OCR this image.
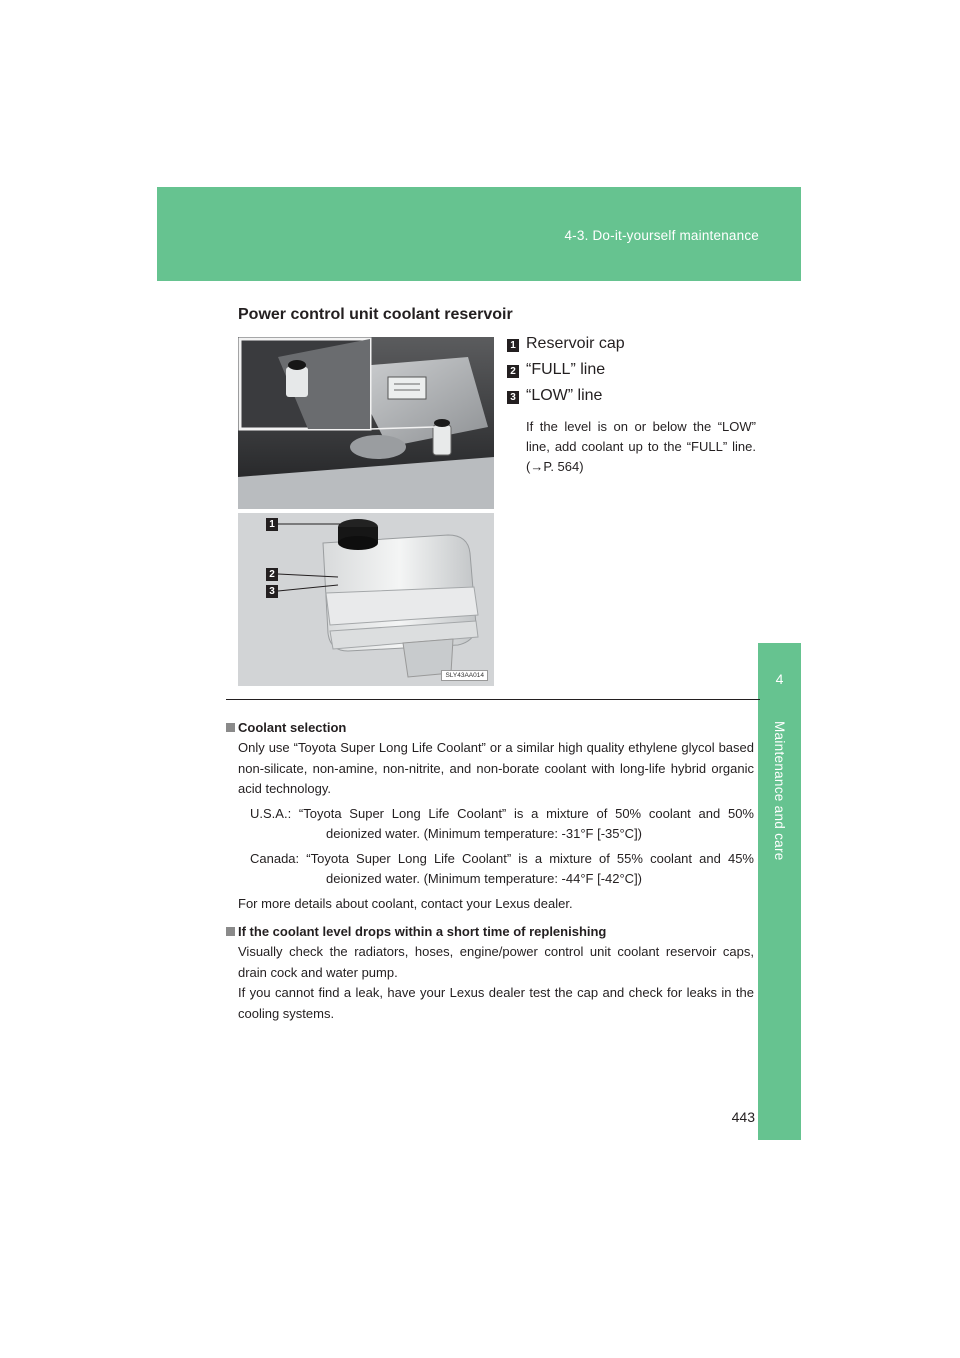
4-3. Do-it-yourself maintenance
4
Maintenance and care
Power control unit coolant reservoir
1
2
3
SLY43AA014
1 Reservoir cap
2 “FULL” line
3 “LOW” line
If the level is on or below the “LOW” line, add coolant up to the “FULL” line. (→P. 564)
Coolant selection
Only use “Toyota Super Long Life Coolant” or a similar high quality ethylene glycol based non-silicate, non-amine, non-nitrite, and non-borate coolant with long-life hybrid organic acid technology.
U.S.A.: “Toyota Super Long Life Coolant” is a mixture of 50% coolant and 50% deionized water. (Minimum temperature: -31°F [-35°C])
Canada: “Toyota Super Long Life Coolant” is a mixture of 55% coolant and 45% deionized water. (Minimum temperature: -44°F [-42°C])
For more details about coolant, contact your Lexus dealer.
If the coolant level drops within a short time of replenishing
Visually check the radiators, hoses, engine/power control unit coolant reservoir caps, drain cock and water pump.
If you cannot find a leak, have your Lexus dealer test the cap and check for leaks in the cooling systems.
443
